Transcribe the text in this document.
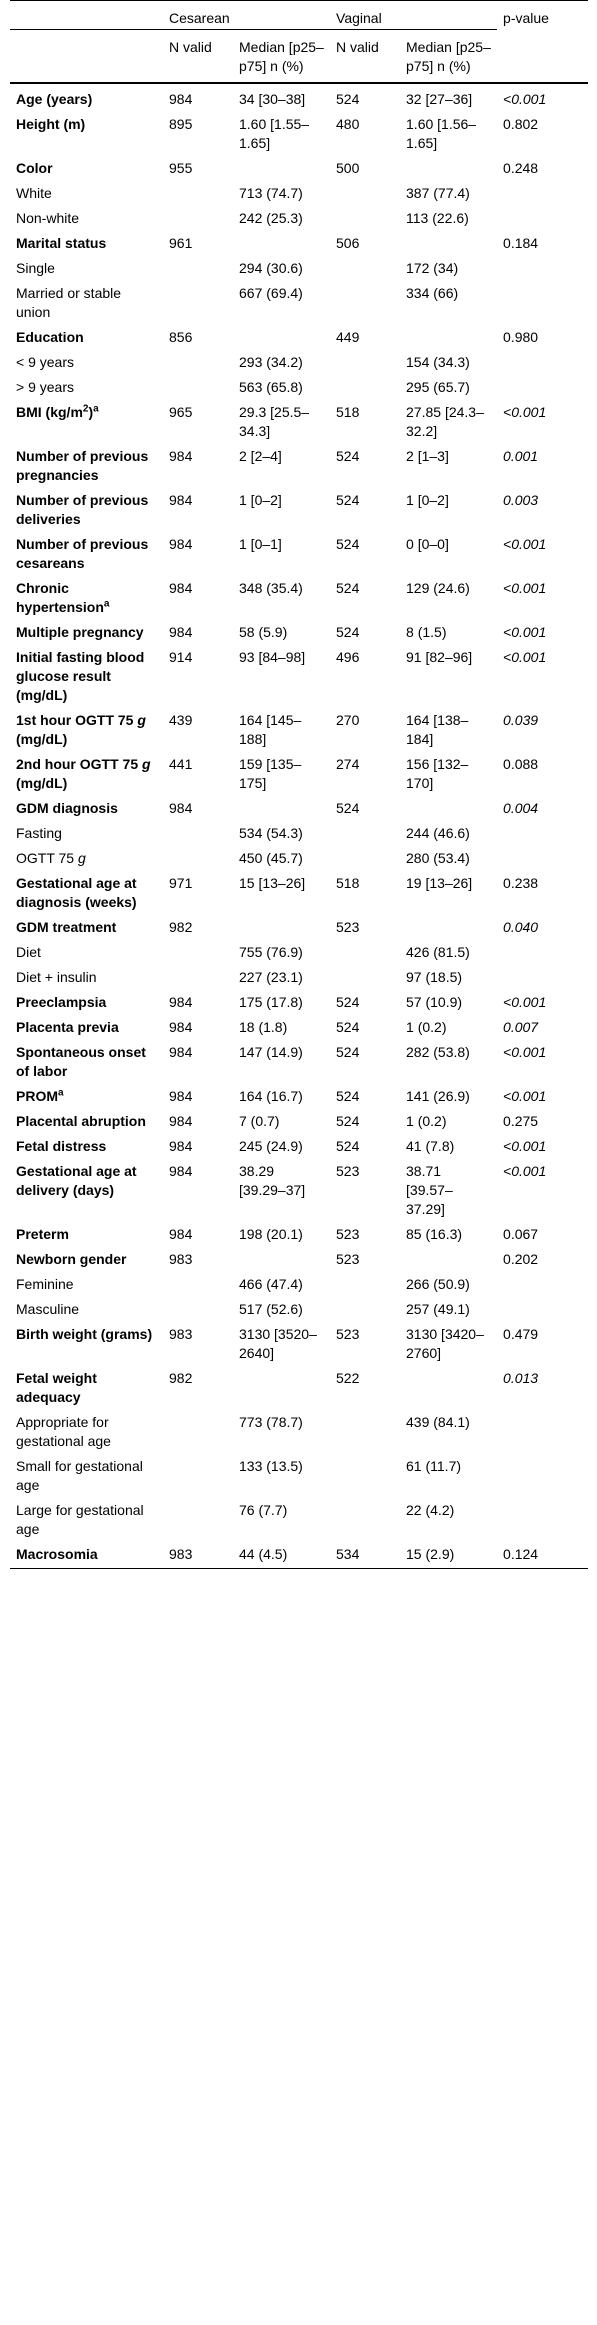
	Cesarean		Vaginal		p-value
	N valid	Median [p25–p75] n (%)	N valid	Median [p25–p75] n (%)	
Age (years)	984	34 [30–38]	524	32 [27–36]	<0.001
Height (m)	895	1.60 [1.55–1.65]	480	1.60 [1.56–1.65]	0.802
Color	955		500		0.248
White		713 (74.7)		387 (77.4)	
Non-white		242 (25.3)		113 (22.6)	
Marital status	961		506		0.184
Single		294 (30.6)		172 (34)	
Married or stable union		667 (69.4)		334 (66)	
Education	856		449		0.980
< 9 years		293 (34.2)		154 (34.3)	
> 9 years		563 (65.8)		295 (65.7)	
BMI $(kg/m^2)^a$	965	29.3 [25.5–34.3]	518	27.85 [24.3–32.2]	<0.001
Number of previous pregnancies	984	2 [2–4]	524	2 [1–3]	0.001
Number of previous deliveries	984	1 [0–2]	524	1 [0–2]	0.003
Number of previous cesareans	984	1 [0–1]	524	0 [0–0]	<0.001
Chronic hypertension$^a$	984	348 (35.4)	524	129 (24.6)	<0.001
Multiple pregnancy	984	58 (5.9)	524	8 (1.5)	<0.001
Initial fasting blood glucose result (mg/dL)	914	93 [84–98]	496	91 [82–96]	<0.001
1st hour OGTT 75 g (mg/dL)	439	164 [145–188]	270	164 [138–184]	0.039
2nd hour OGTT 75 g (mg/dL)	441	159 [135–175]	274	156 [132–170]	0.088
GDM diagnosis	984		524		0.004
Fasting		534 (54.3)		244 (46.6)	
OGTT 75 g		450 (45.7)		280 (53.4)	
Gestational age at diagnosis (weeks)	971	15 [13–26]	518	19 [13–26]	0.238
GDM treatment	982		523		0.040
Diet		755 (76.9)		426 (81.5)	
Diet + insulin		227 (23.1)		97 (18.5)	
Preeclampsia	984	175 (17.8)	524	57 (10.9)	<0.001
Placenta previa	984	18 (1.8)	524	1 (0.2)	0.007
Spontaneous onset of labor	984	147 (14.9)	524	282 (53.8)	<0.001
PROM$^a$	984	164 (16.7)	524	141 (26.9)	<0.001
Placental abruption	984	7 (0.7)	524	1 (0.2)	0.275
Fetal distress	984	245 (24.9)	524	41 (7.8)	<0.001
Gestational age at delivery (days)	984	38.29 [39.29–37]	523	38.71 [39.57–37.29]	<0.001
Preterm	984	198 (20.1)	523	85 (16.3)	0.067
Newborn gender	983		523		0.202
Feminine		466 (47.4)		266 (50.9)	
Masculine		517 (52.6)		257 (49.1)	
Birth weight (grams)	983	3130 [3520–2640]	523	3130 [3420–2760]	0.479
Fetal weight adequacy	982		522		0.013
Appropriate for gestational age		773 (78.7)		439 (84.1)	
Small for gestational age		133 (13.5)		61 (11.7)	
Large for gestational age		76 (7.7)		22 (4.2)	
Macrosomia	983	44 (4.5)	534	15 (2.9)	0.124
